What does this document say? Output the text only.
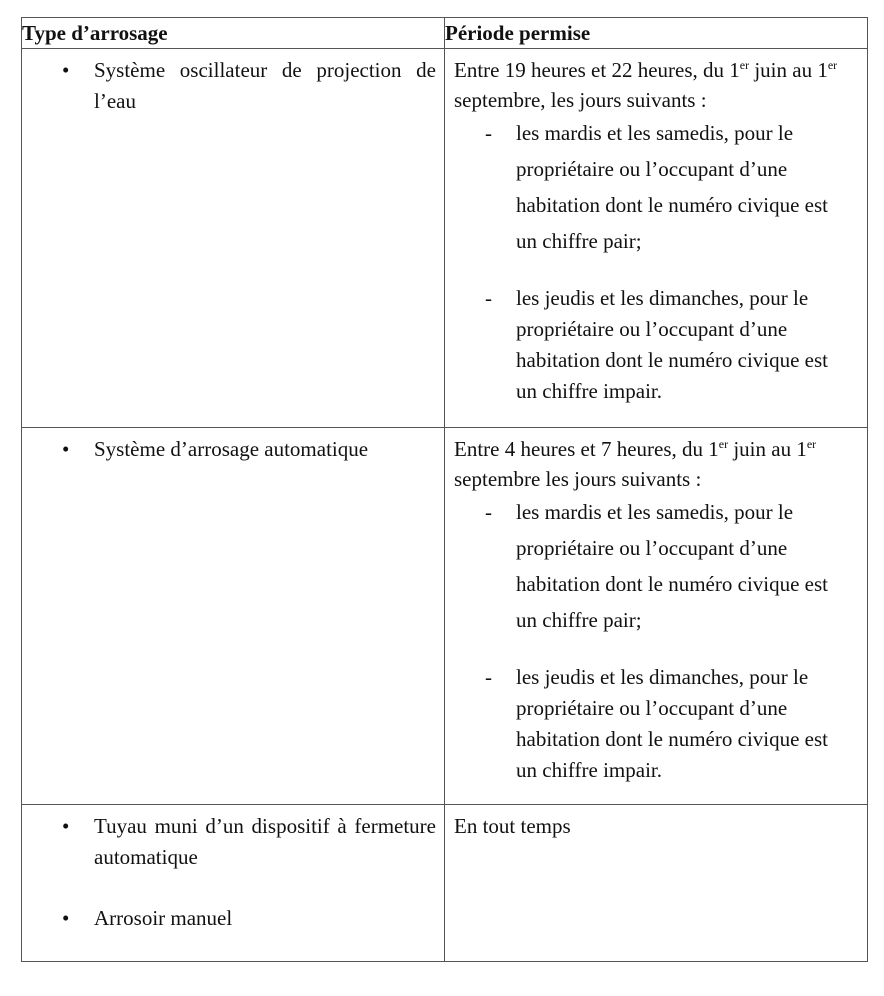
Type d’arrosage	Période permise

• Système oscillateur de projection de l’eau	Entre 19 heures et 22 heures, du 1er juin au 1er septembre, les jours suivants :
- les mardis et les samedis, pour le propriétaire ou l’occupant d’une habitation dont le numéro civique est un chiffre pair;
- les jeudis et les dimanches, pour le propriétaire ou l’occupant d’une habitation dont le numéro civique est un chiffre impair.

• Système d’arrosage automatique	Entre 4 heures et 7 heures, du 1er juin au 1er septembre les jours suivants :
- les mardis et les samedis, pour le propriétaire ou l’occupant d’une habitation dont le numéro civique est un chiffre pair;
- les jeudis et les dimanches, pour le propriétaire ou l’occupant d’une habitation dont le numéro civique est un chiffre impair.

• Tuyau muni d’un dispositif à fermeture automatique
• Arrosoir manuel	En tout temps
